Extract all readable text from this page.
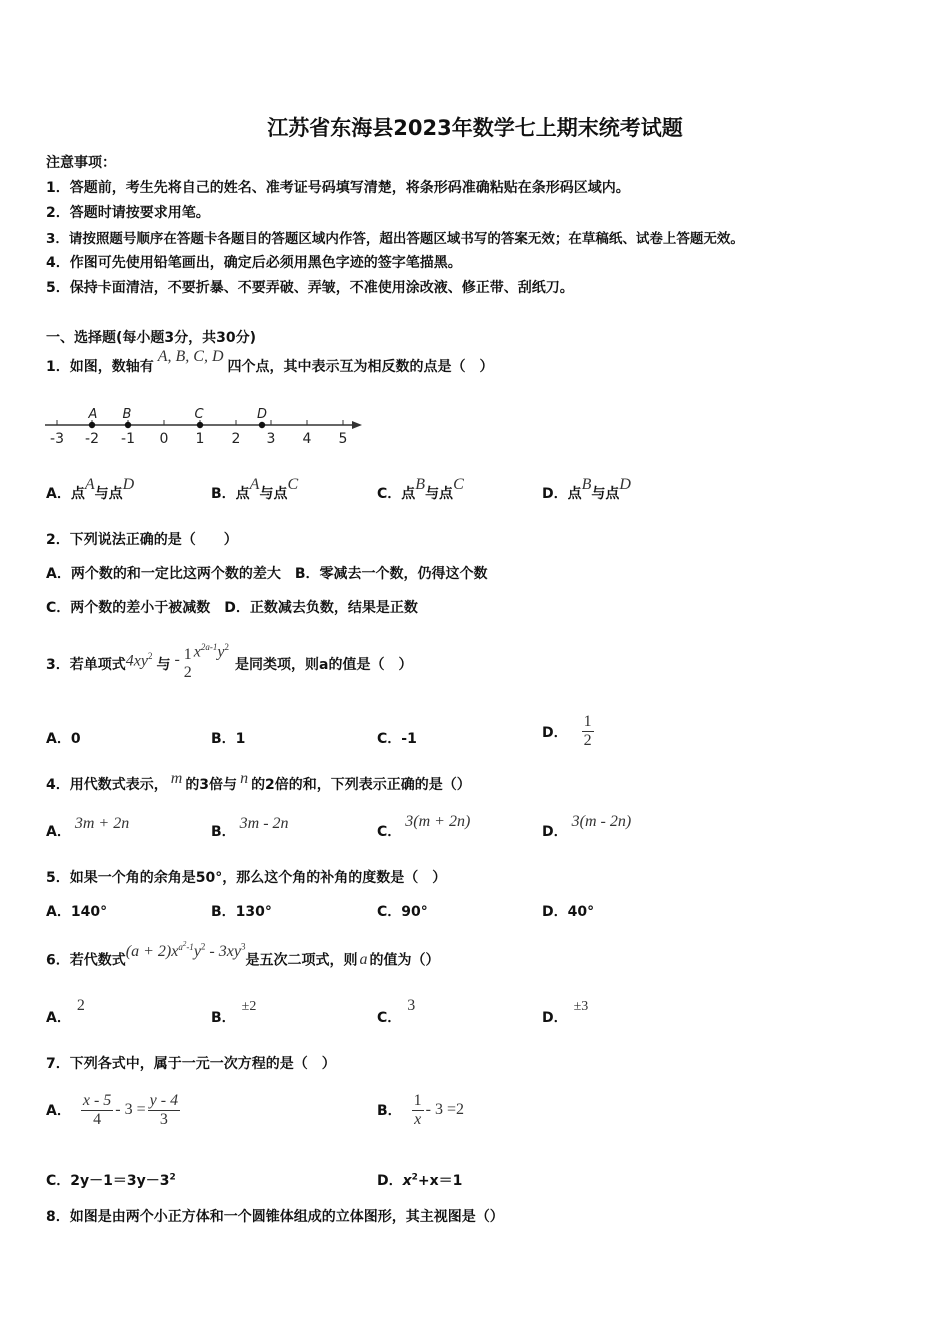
江苏省东海县2023年数学七上期末统考试题
注意事项：
1．答题前，考生先将自己的姓名、准考证号码填写清楚，将条形码准确粘贴在条形码区域内。
2．答题时请按要求用笔。
3．请按照题号顺序在答题卡各题目的答题区域内作答，超出答题区域书写的答案无效；在草稿纸、试卷上答题无效。
4．作图可先使用铅笔画出，确定后必须用黑色字迹的签字笔描黑。
5．保持卡面清洁，不要折暴、不要弄破、弄皱，不准使用涂改液、修正带、刮纸刀。
一、选择题(每小题3分，共30分)
1．如图，数轴有A, B, C, D四个点，其中表示互为相反数的点是（　）
-3 -2 -1 0 1 2 3 4 5
A B	C	D
A．点A与点D
B．点A与点C
C．点B与点C
D．点B与点D
2．下列说法正确的是（　　）
A．两个数的和一定比这两个数的差大　B．零减去一个数，仍得这个数
C．两个数的差小于被减数　D．正数减去负数，结果是正数
3．若单项式 $4xy^2$
与 - 1
2
$x^{2a-1}y^2$
是同类项，则a的值是（　）
A．0	B．1	C．-1	D． $\frac{1}{2}$
4．用代数式表示， m 的3倍与 n 的2倍的和，下列表示正确的是（）
A． 3m + 2n	B． 3m - 2n	C．3(m + 2n)
D．3(m - 2n)
5．如果一个角的余角是50°，那么这个角的补角的度数是（　）
A．140°	B．130°	C．90°	D．40°
6．若代数式$(a + 2)x^{a^2-1}y^2 - 3xy^3$是五次二项式，则 a 的值为（）
A．2
B．±2
C．3
D．±3
7．下列各式中，属于一元一次方程的是（　）
A． $\frac{x - 5}{4} - 3 = \frac{y - 4}{3}$	B． $\frac{1}{x} - 3 =2$
C．$2y-1=3y-3^2$	D．$x^2+x=1$
8．如图是由两个小正方体和一个圆锥体组成的立体图形，其主视图是（）
